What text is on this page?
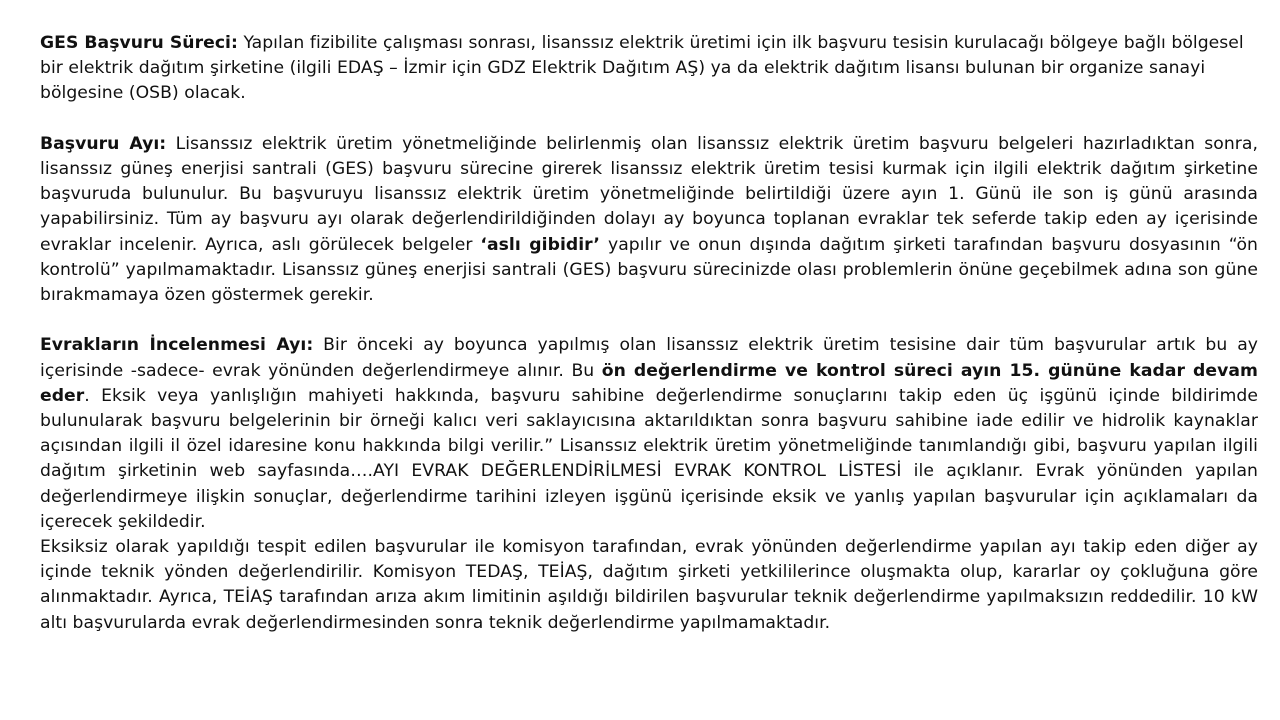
GES Başvuru Süreci: Yapılan fizibilite çalışması sonrası, lisanssız elektrik üretimi için ilk başvuru tesisin kurulacağı bölgeye bağlı bölgesel bir elektrik dağıtım şirketine (ilgili EDAŞ – İzmir için GDZ Elektrik Dağıtım AŞ) ya da elektrik dağıtım lisansı bulunan bir organize sanayi bölgesine (OSB) olacak.

Başvuru Ayı: Lisanssız elektrik üretim yönetmeliğinde belirlenmiş olan lisanssız elektrik üretim başvuru belgeleri hazırladıktan sonra, lisanssız güneş enerjisi santrali (GES) başvuru sürecine girerek lisanssız elektrik üretim tesisi kurmak için ilgili elektrik dağıtım şirketine başvuruda bulunulur. Bu başvuruyu lisanssız elektrik üretim yönetmeliğinde belirtildiği üzere ayın 1. Günü ile son iş günü arasında yapabilirsiniz. Tüm ay başvuru ayı olarak değerlendirildiğinden dolayı ay boyunca toplanan evraklar tek seferde takip eden ay içerisinde evraklar incelenir. Ayrıca, aslı görülecek belgeler ‘aslı gibidir’ yapılır ve onun dışında dağıtım şirketi tarafından başvuru dosyasının “ön kontrolü” yapılmamaktadır. Lisanssız güneş enerjisi santrali (GES) başvuru sürecinizde olası problemlerin önüne geçebilmek adına son güne bırakmamaya özen göstermek gerekir.

Evrakların İncelenmesi Ayı: Bir önceki ay boyunca yapılmış olan lisanssız elektrik üretim tesisine dair tüm başvurular artık bu ay içerisinde -sadece- evrak yönünden değerlendirmeye alınır. Bu ön değerlendirme ve kontrol süreci ayın 15. gününe kadar devam eder. Eksik veya yanlışlığın mahiyeti hakkında, başvuru sahibine değerlendirme sonuçlarını takip eden üç işgünü içinde bildirimde bulunularak başvuru belgelerinin bir örneği kalıcı veri saklayıcısına aktarıldıktan sonra başvuru sahibine iade edilir ve hidrolik kaynaklar açısından ilgili il özel idaresine konu hakkında bilgi verilir.” Lisanssız elektrik üretim yönetmeliğinde tanımlandığı gibi, başvuru yapılan ilgili dağıtım şirketinin web sayfasında….AYI EVRAK DEĞERLENDİRİLMESİ EVRAK KONTROL LİSTESİ ile açıklanır. Evrak yönünden yapılan değerlendirmeye ilişkin sonuçlar, değerlendirme tarihini izleyen işgünü içerisinde eksik ve yanlış yapılan başvurular için açıklamaları da içerecek şekildedir.

Eksiksiz olarak yapıldığı tespit edilen başvurular ile komisyon tarafından, evrak yönünden değerlendirme yapılan ayı takip eden diğer ay içinde teknik yönden değerlendirilir. Komisyon TEDAŞ, TEİAŞ, dağıtım şirketi yetkililerince oluşmakta olup, kararlar oy çokluğuna göre alınmaktadır. Ayrıca, TEİAŞ tarafından arıza akım limitinin aşıldığı bildirilen başvurular teknik değerlendirme yapılmaksızın reddedilir. 10 kW altı başvurularda evrak değerlendirmesinden sonra teknik değerlendirme yapılmamaktadır.
